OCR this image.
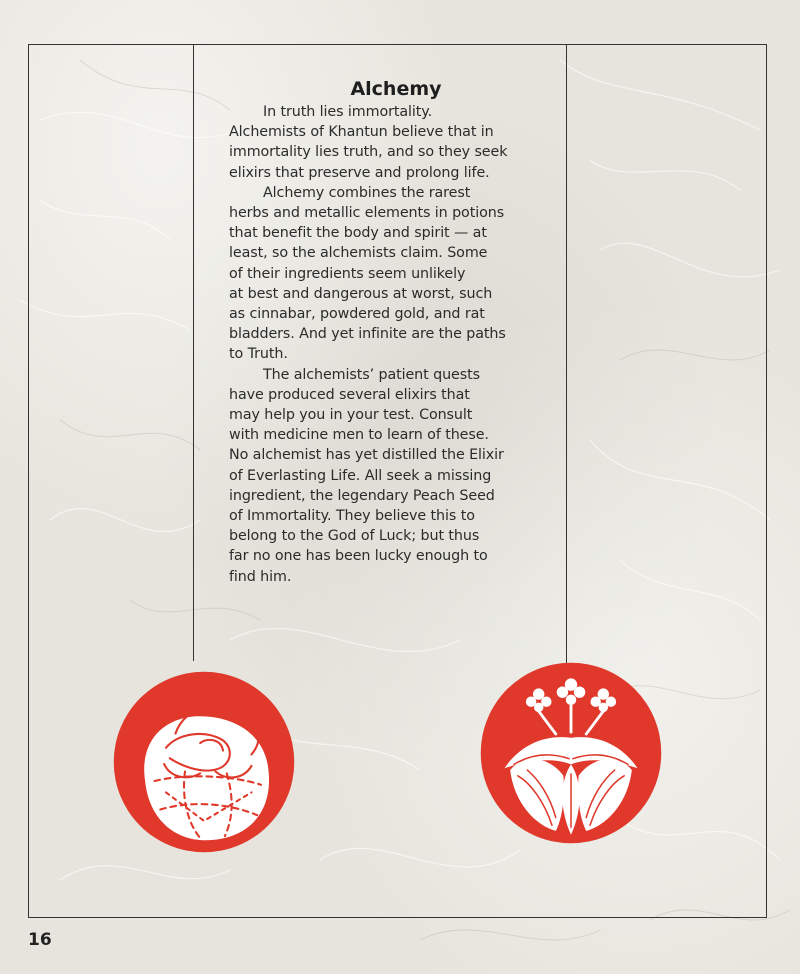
Alchemy

In truth lies immortality.
Alchemists of Khantun believe that in
immortality lies truth, and so they seek
elixirs that preserve and prolong life.

Alchemy combines the rarest
herbs and metallic elements in potions
that benefit the body and spirit — at
least, so the alchemists claim. Some
of their ingredients seem unlikely
at best and dangerous at worst, such
as cinnabar, powdered gold, and rat
bladders. And yet infinite are the paths
to Truth.

The alchemists’ patient quests
have produced several elixirs that
may help you in your test. Consult
with medicine men to learn of these.
No alchemist has yet distilled the Elixir
of Everlasting Life. All seek a missing
ingredient, the legendary Peach Seed
of Immortality. They believe this to
belong to the God of Luck; but thus
far no one has been lucky enough to
find him.

16
